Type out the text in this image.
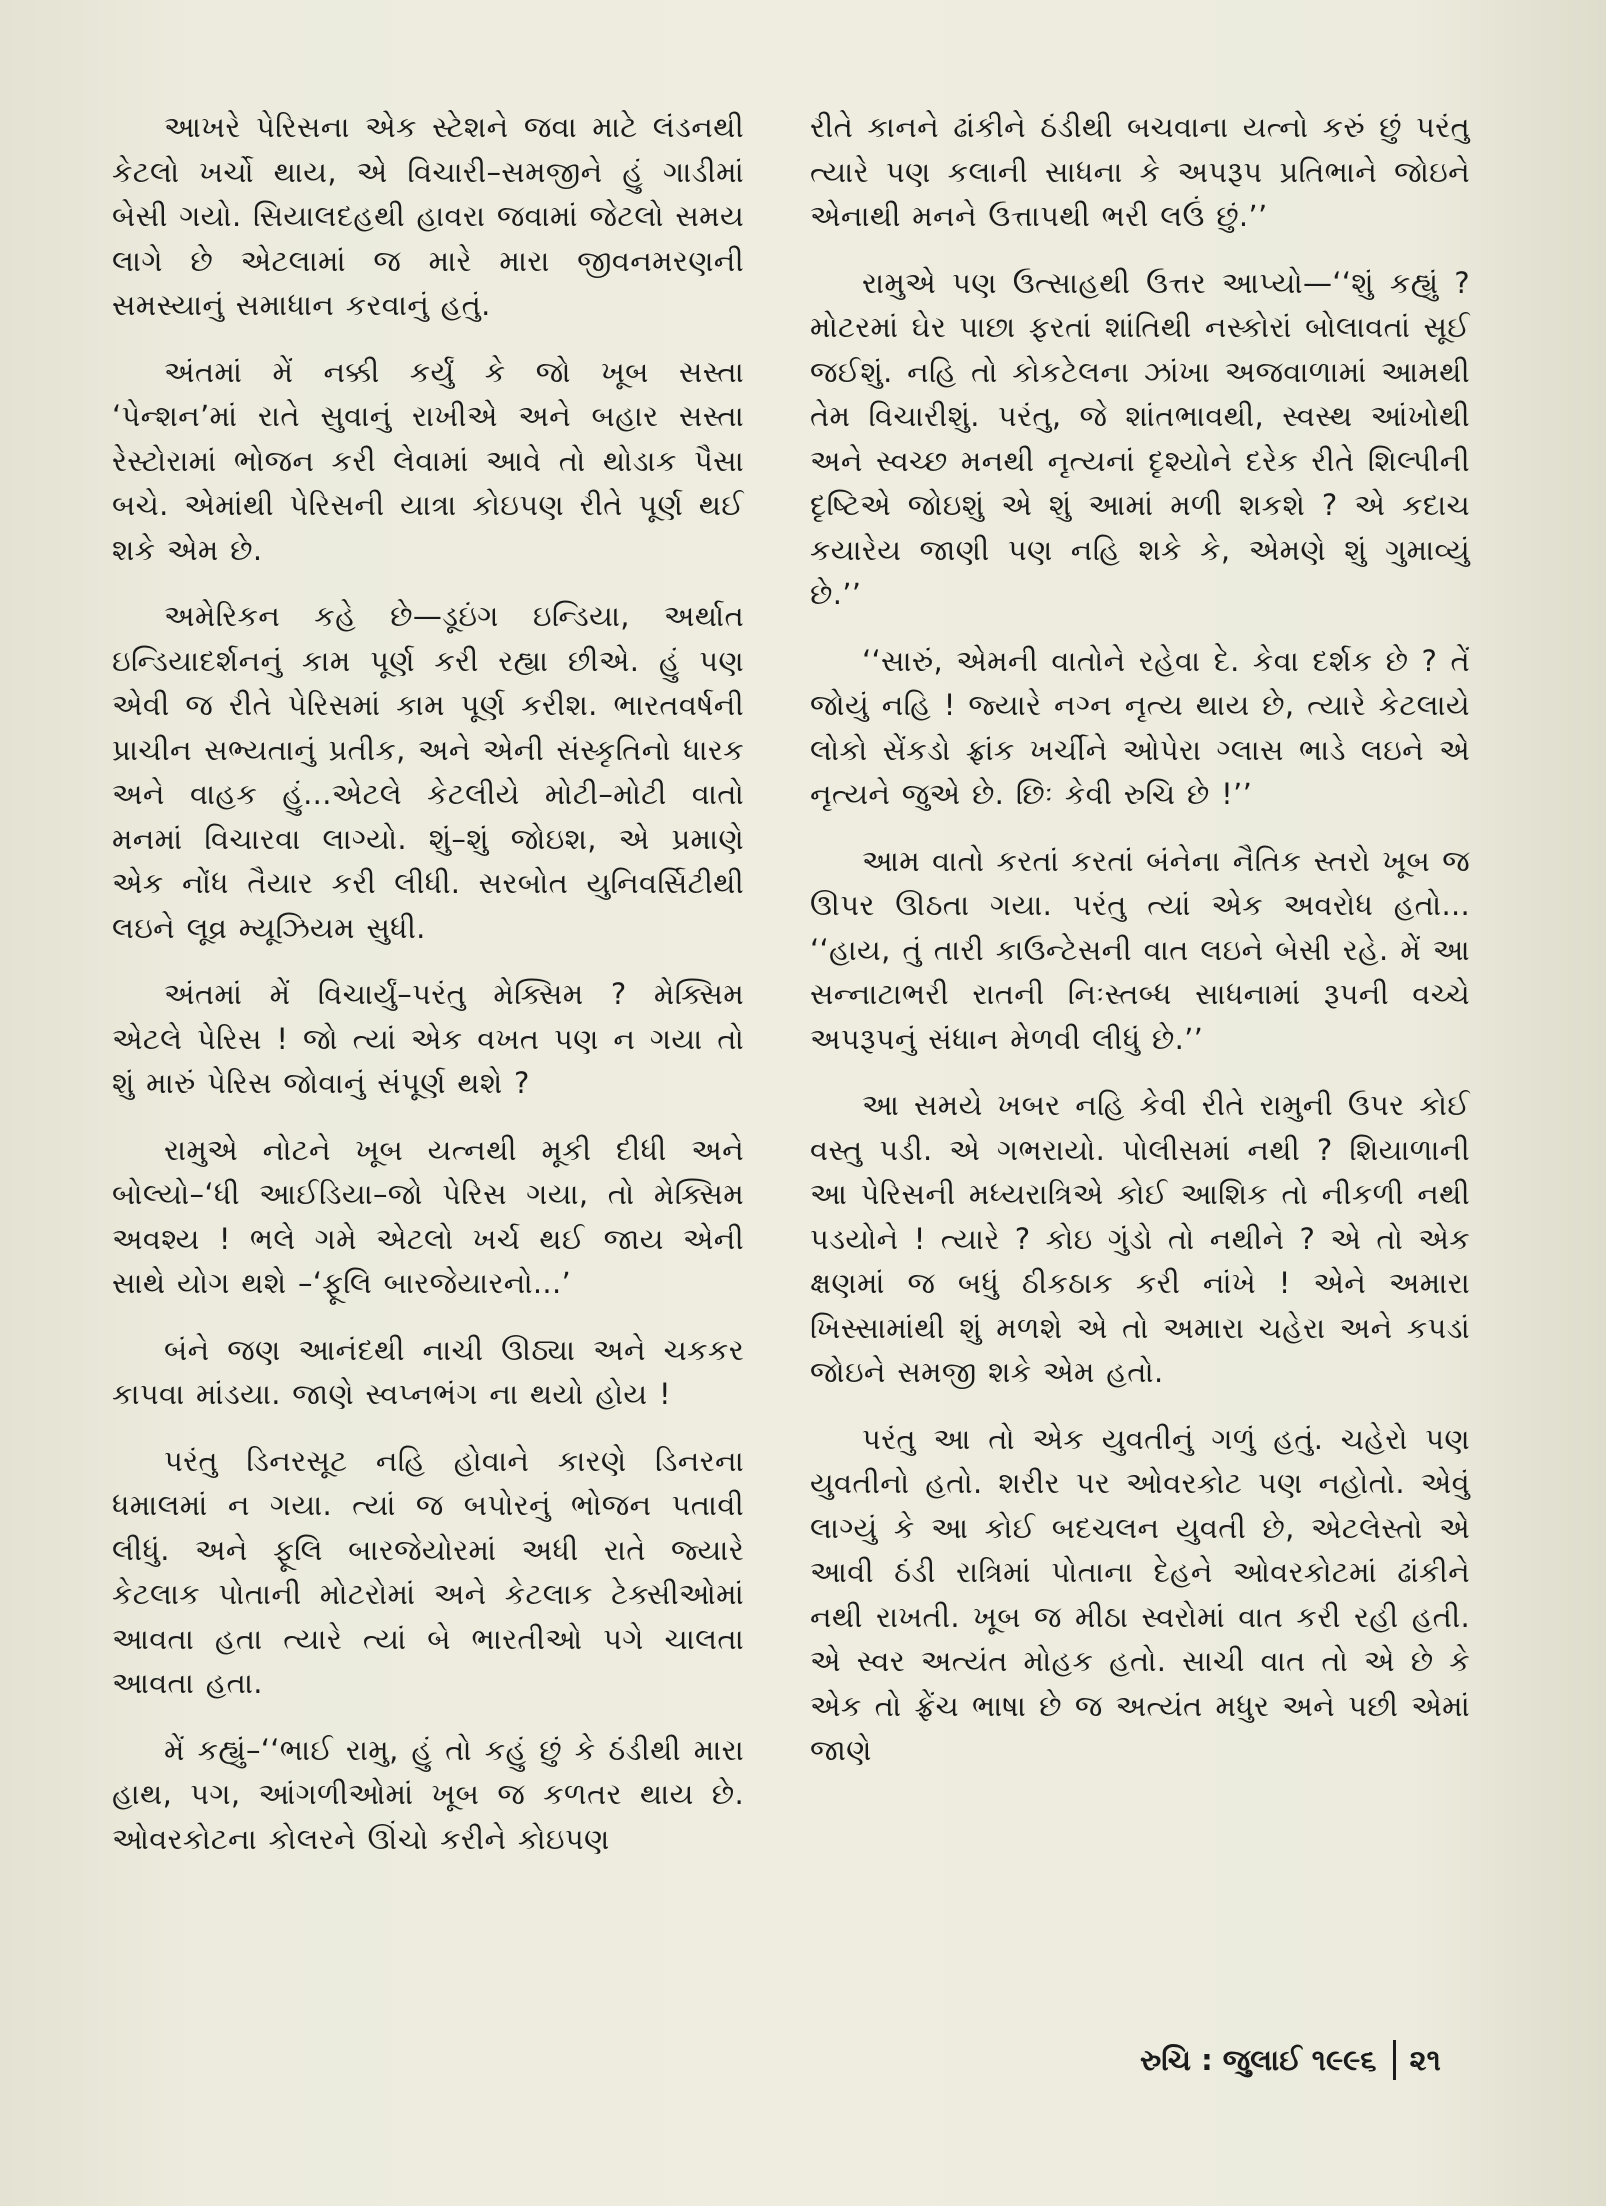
આખરે પેરિસના એક સ્ટેશને જવા માટે લંડનથી કેટલો ખર્ચો થાય, એ વિચારી–સમજીને હું ગાડીમાં બેસી ગયો. સિયાલદહથી હાવરા જવામાં જેટલો સમય લાગે છે એટલામાં જ મારે મારા જીવનમરણની સમસ્યાનું સમાધાન કરવાનું હતું.

અંતમાં મેં નક્કી કર્યું કે જો ખૂબ સસ્તા ‘પેન્શન’માં રાતે સુવાનું રાખીએ અને બહાર સસ્તા રેસ્ટોરામાં ભોજન કરી લેવામાં આવે તો થોડાક પૈસા બચે. એમાંથી પેરિસની યાત્રા કોઇપણ રીતે પૂર્ણ થઈ શકે એમ છે.

અમેરિકન કહે છે—ડૂઇંગ ઇન્ડિયા, અર્થાત ઇન્ડિયાદર્શનનું કામ પૂર્ણ કરી રહ્યા છીએ. હું પણ એવી જ રીતે પેરિસમાં કામ પૂર્ણ કરીશ. ભારતવર્ષની પ્રાચીન સભ્યતાનું પ્રતીક, અને એની સંસ્કૃતિનો ધારક અને વાહક હું...એટલે કેટલીયે મોટી–મોટી વાતો મનમાં વિચારવા લાગ્યો. શું–શું જોઇશ, એ પ્રમાણે એક નોંધ તૈયાર કરી લીધી. સરબોત યુનિવર્સિટીથી લઇને લૂવ્ર મ્યૂઝિયમ સુધી.

અંતમાં મેં વિચાર્યું–પરંતુ મેક્સિમ ? મેક્સિમ એટલે પેરિસ ! જો ત્યાં એક વખત પણ ન ગયા તો શું મારું પેરિસ જોવાનું સંપૂર્ણ થશે ?

રામુએ નોટને ખૂબ યત્નથી મૂકી દીધી અને બોલ્યો–‘ધી આઈડિયા–જો પેરિસ ગયા, તો મેક્સિમ અવશ્ય ! ભલે ગમે એટલો ખર્ચ થઈ જાય એની સાથે યોગ થશે –‘ફૂલિ બારજેયારનો...’

બંને જણ આનંદથી નાચી ઊઠ્યા અને ચકકર કાપવા માંડયા. જાણે સ્વપ્નભંગ ના થયો હોય !

પરંતુ ડિનરસૂટ નહિ હોવાને કારણે ડિનરના ધમાલમાં ન ગયા. ત્યાં જ બપોરનું ભોજન પતાવી લીધું. અને ફૂલિ બારજેયોરમાં અધી રાતે જ્યારે કેટલાક પોતાની મોટરોમાં અને કેટલાક ટેક્સીઓમાં આવતા હતા ત્યારે ત્યાં બે ભારતીઓ પગે ચાલતા આવતા હતા.

મેં કહ્યું–‘‘ભાઈ રામુ, હું તો કહું છું કે ઠંડીથી મારા હાથ, પગ, આંગળીઓમાં ખૂબ જ કળતર થાય છે. ઓવરકોટના કોલરને ઊંચો કરીને કોઇપણ

રીતે કાનને ઢાંકીને ઠંડીથી બચવાના યત્નો કરું છું પરંતુ ત્યારે પણ કલાની સાધના કે અપરૂપ પ્રતિભાને જોઇને એનાથી મનને ઉત્તાપથી ભરી લઉં છું.’’

રામુએ પણ ઉત્સાહથી ઉત્તર આપ્યો—‘‘શું કહ્યું ? મોટરમાં ઘેર પાછા ફરતાં શાંતિથી નસ્કોરાં બોલાવતાં સૂઈ જઈશું. નહિ તો કોકટેલના ઝાંખા અજવાળામાં આમથી તેમ વિચારીશું. પરંતુ, જે શાંતભાવથી, સ્વસ્થ આંખોથી અને સ્વચ્છ મનથી નૃત્યનાં દૃશ્યોને દરેક રીતે શિલ્પીની દૃષ્ટિએ જોઇશું એ શું આમાં મળી શકશે ? એ કદાચ કયારેય જાણી પણ નહિ શકે કે, એમણે શું ગુમાવ્યું છે.’’

‘‘સારું, એમની વાતોને રહેવા દે. કેવા દર્શક છે ? તેં જોયું નહિ ! જ્યારે નગ્ન નૃત્ય થાય છે, ત્યારે કેટલાયે લોકો સેંકડો ફ્રાંક ખર્ચીને ઓપેરા ગ્લાસ ભાડે લઇને એ નૃત્યને જુએ છે. છિઃ કેવી રુચિ છે !’’

આમ વાતો કરતાં કરતાં બંનેના નૈતિક સ્તરો ખૂબ જ ઊપર ઊઠતા ગયા. પરંતુ ત્યાં એક અવરોધ હતો... ‘‘હાય, તું તારી કાઉન્ટેસની વાત લઇને બેસી રહે. મેં આ સન્નાટાભરી રાતની નિઃસ્તબ્ધ સાધનામાં રૂપની વચ્ચે અપરૂપનું સંધાન મેળવી લીધું છે.’’

આ સમયે ખબર નહિ કેવી રીતે રામુની ઉપર કોઈ વસ્તુ પડી. એ ગભરાયો. પોલીસમાં નથી ? શિયાળાની આ પેરિસની મધ્યરાત્રિએ કોઈ આશિક તો નીકળી નથી પડયોને ! ત્યારે ? કોઇ ગુંડો તો નથીને ? એ તો એક ક્ષણમાં જ બધું ઠીકઠાક કરી નાંખે ! એને અમારા ખિસ્સામાંથી શું મળશે એ તો અમારા ચહેરા અને કપડાં જોઇને સમજી શકે એમ હતો.

પરંતુ આ તો એક યુવતીનું ગળું હતું. ચહેરો પણ યુવતીનો હતો. શરીર પર ઓવરકોટ પણ નહોતો. એવું લાગ્યું કે આ કોઈ બદચલન યુવતી છે, એટલેસ્તો એ આવી ઠંડી રાત્રિમાં પોતાના દેહને ઓવરકોટમાં ઢાંકીને નથી રાખતી. ખૂબ જ મીઠા સ્વરોમાં વાત કરી રહી હતી. એ સ્વર અત્યંત મોહક હતો. સાચી વાત તો એ છે કે એક તો ફ્રેંચ ભાષા છે જ અત્યંત મધુર અને પછી એમાં જાણે

રુચિ : જુલાઈ ૧૯૯૬ ૨૧
